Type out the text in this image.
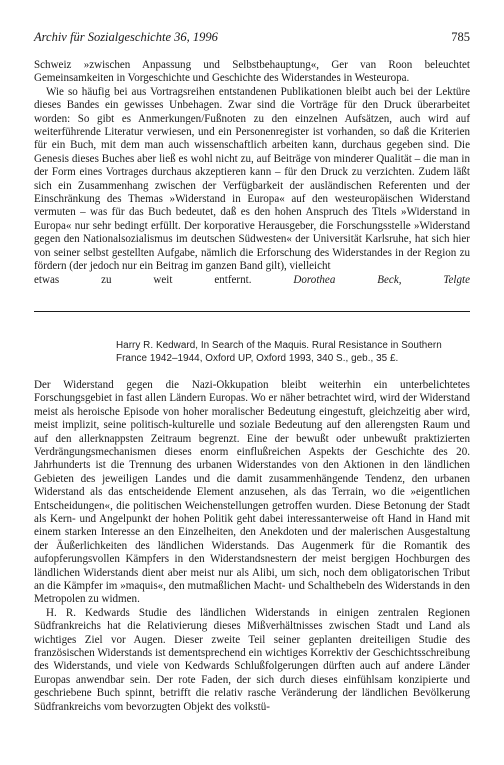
Archiv für Sozialgeschichte 36, 1996	785

Schweiz »zwischen Anpassung und Selbstbehauptung«, Ger van Roon beleuchtet Gemeinsamkeiten in Vorgeschichte und Geschichte des Widerstandes in Westeuropa.

Wie so häufig bei aus Vortragsreihen entstandenen Publikationen bleibt auch bei der Lektüre dieses Bandes ein gewisses Unbehagen. Zwar sind die Vorträge für den Druck überarbeitet worden: So gibt es Anmerkungen/Fußnoten zu den einzelnen Aufsätzen, auch wird auf weiterführende Literatur verwiesen, und ein Personenregister ist vorhanden, so daß die Kriterien für ein Buch, mit dem man auch wissenschaftlich arbeiten kann, durchaus gegeben sind. Die Genesis dieses Buches aber ließ es wohl nicht zu, auf Beiträge von minderer Qualität – die man in der Form eines Vortrages durchaus akzeptieren kann – für den Druck zu verzichten. Zudem läßt sich ein Zusammenhang zwischen der Verfügbarkeit der ausländischen Referenten und der Einschränkung des Themas »Widerstand in Europa« auf den westeuropäischen Widerstand vermuten – was für das Buch bedeutet, daß es den hohen Anspruch des Titels »Widerstand in Europa« nur sehr bedingt erfüllt. Der korporative Herausgeber, die Forschungsstelle »Widerstand gegen den Nationalsozialismus im deutschen Südwesten« der Universität Karlsruhe, hat sich hier von seiner selbst gestellten Aufgabe, nämlich die Erforschung des Widerstandes in der Region zu fördern (der jedoch nur ein Beitrag im ganzen Band gilt), vielleicht

etwas zu weit entfernt.	Dorothea Beck, Telgte
Harry R. Kedward, In Search of the Maquis. Rural Resistance in Southern
France 1942–1944, Oxford UP, Oxford 1993, 340 S., geb., 35 £.

Der Widerstand gegen die Nazi-Okkupation bleibt weiterhin ein unterbelichtetes Forschungsgebiet in fast allen Ländern Europas. Wo er näher betrachtet wird, wird der Widerstand meist als heroische Episode von hoher moralischer Bedeutung eingestuft, gleichzeitig aber wird, meist implizit, seine politisch-kulturelle und soziale Bedeutung auf den allerengsten Raum und auf den allerknappsten Zeitraum begrenzt. Eine der bewußt oder unbewußt praktizierten Verdrängungsmechanismen dieses enorm einflußreichen Aspekts der Geschichte des 20. Jahrhunderts ist die Trennung des urbanen Widerstandes von den Aktionen in den ländlichen Gebieten des jeweiligen Landes und die damit zusammenhängende Tendenz, den urbanen Widerstand als das entscheidende Element anzusehen, als das Terrain, wo die »eigentlichen Entscheidungen«, die politischen Weichenstellungen getroffen wurden. Diese Betonung der Stadt als Kern- und Angelpunkt der hohen Politik geht dabei interessanterweise oft Hand in Hand mit einem starken Interesse an den Einzelheiten, den Anekdoten und der malerischen Ausgestaltung der Äußerlichkeiten des ländlichen Widerstands. Das Augenmerk für die Romantik des aufopferungsvollen Kämpfers in den Widerstandsnestern der meist bergigen Hochburgen des ländlichen Widerstands dient aber meist nur als Alibi, um sich, noch dem obligatorischen Tribut an die Kämpfer im »maquis«, den mutmaßlichen Macht- und Schalthebeln des Widerstands in den Metropolen zu widmen.

H. R. Kedwards Studie des ländlichen Widerstands in einigen zentralen Regionen Südfrankreichs hat die Relativierung dieses Mißverhältnisses zwischen Stadt und Land als wichtiges Ziel vor Augen. Dieser zweite Teil seiner geplanten dreiteiligen Studie des französischen Widerstands ist dementsprechend ein wichtiges Korrektiv der Geschichtsschreibung des Widerstands, und viele von Kedwards Schlußfolgerungen dürften auch auf andere Länder Europas anwendbar sein. Der rote Faden, der sich durch dieses einfühlsam konzipierte und geschriebene Buch spinnt, betrifft die relativ rasche Veränderung der ländlichen Bevölkerung Südfrankreichs vom bevorzugten Objekt des volkstü-
